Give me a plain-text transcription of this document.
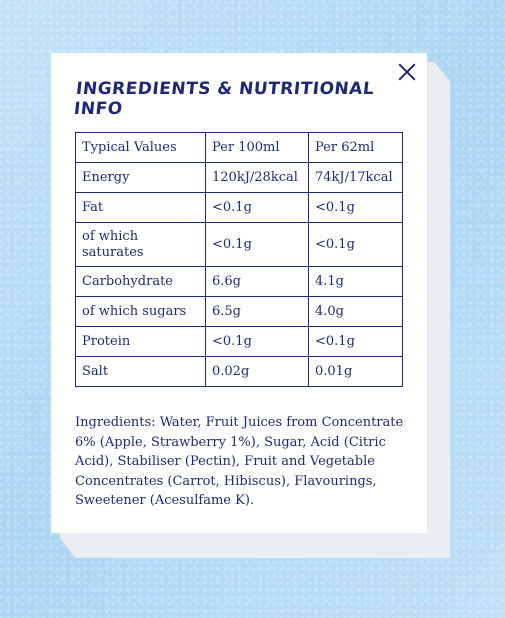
INGREDIENTS & NUTRITIONAL INFO
Typical Values	Per 100ml	Per 62ml
Energy	120kJ/28kcal	74kJ/17kcal
Fat	<0.1g	<0.1g
of which saturates	<0.1g	<0.1g
Carbohydrate	6.6g	4.1g
of which sugars	6.5g	4.0g
Protein	<0.1g	<0.1g
Salt	0.02g	0.01g
Ingredients: Water, Fruit Juices from Concentrate 6% (Apple, Strawberry 1%), Sugar, Acid (Citric Acid), Stabiliser (Pectin), Fruit and Vegetable Concentrates (Carrot, Hibiscus), Flavourings, Sweetener (Acesulfame K).
